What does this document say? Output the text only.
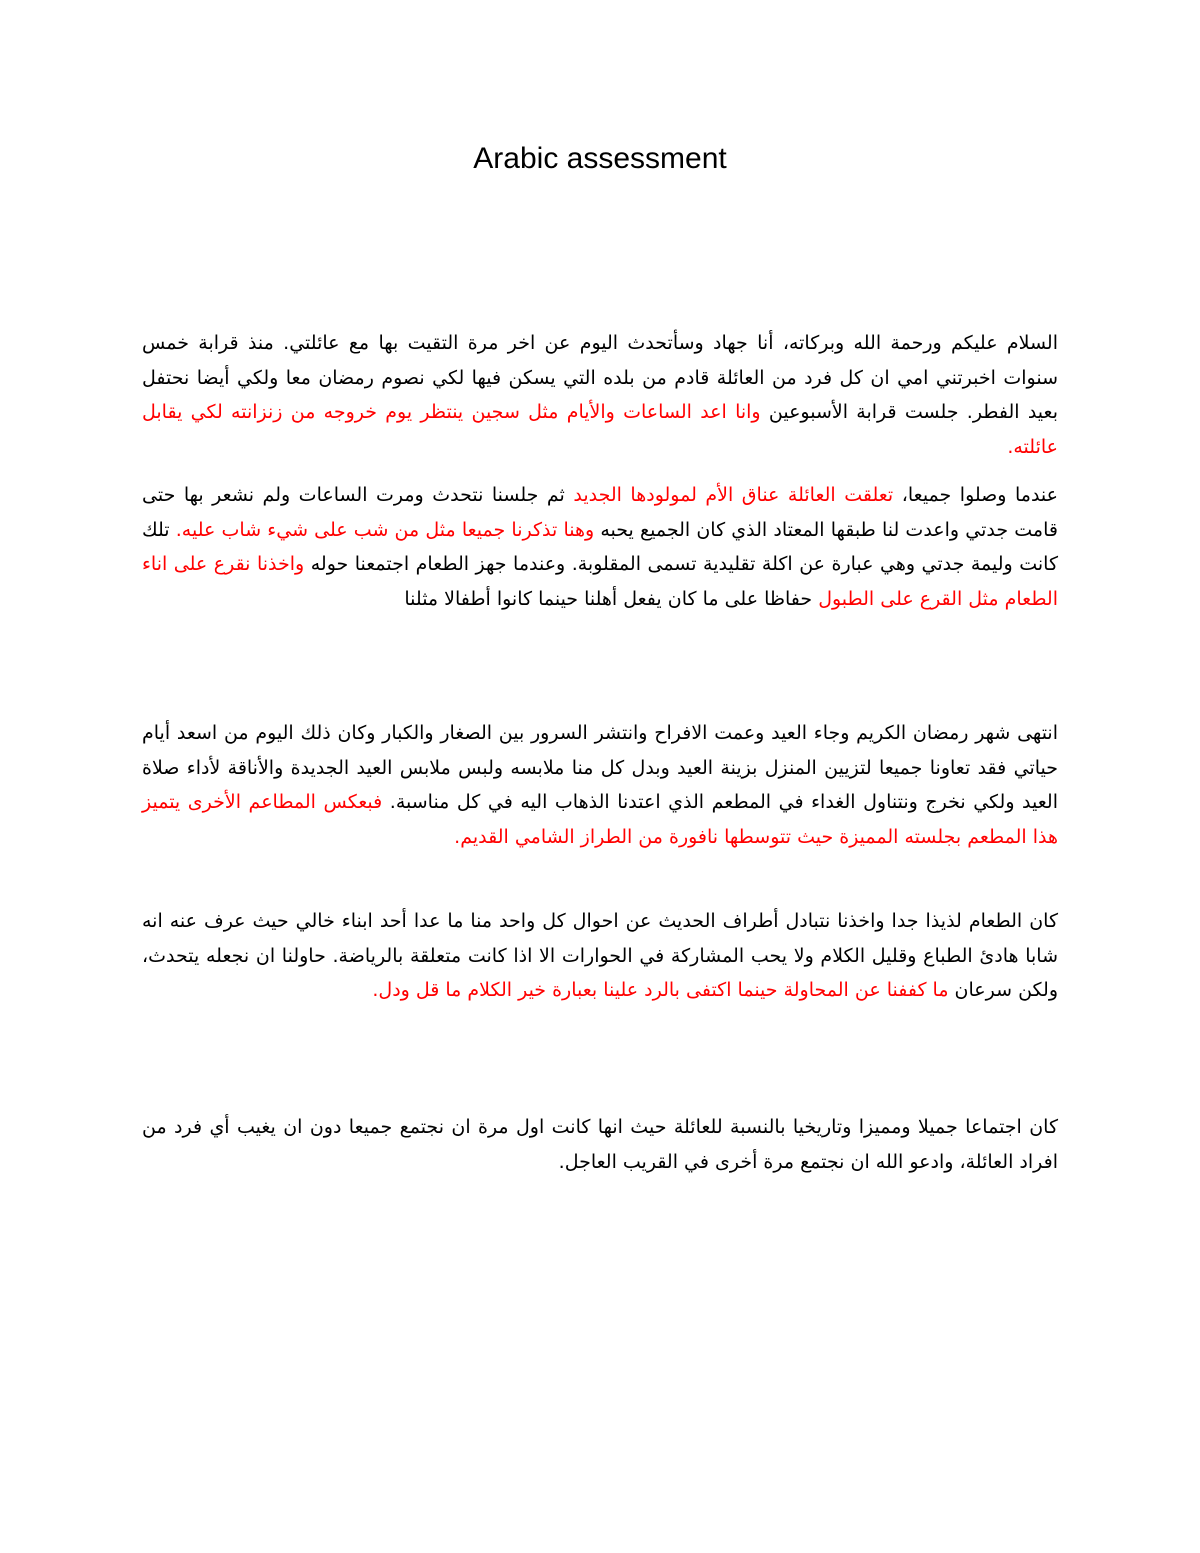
Arabic assessment

السلام عليكم ورحمة الله وبركاته، أنا جهاد وسأتحدث اليوم عن اخر مرة التقيت بها مع عائلتي. منذ قرابة خمس سنوات اخبرتني امي ان كل فرد من العائلة قادم من بلده التي يسكن فيها لكي نصوم رمضان معا ولكي أيضا نحتفل بعيد الفطر. جلست قرابة الأسبوعين وانا اعد الساعات والأيام مثل سجين ينتظر يوم خروجه من زنزانته لكي يقابل عائلته.

عندما وصلوا جميعا، تعلقت العائلة عناق الأم لمولودها الجديد ثم جلسنا نتحدث ومرت الساعات ولم نشعر بها حتى قامت جدتي واعدت لنا طبقها المعتاد الذي كان الجميع يحبه وهنا تذكرنا جميعا مثل من شب على شيء شاب عليه. تلك كانت وليمة جدتي وهي عبارة عن اكلة تقليدية تسمى المقلوبة. وعندما جهز الطعام اجتمعنا حوله واخذنا نقرع على اناء الطعام مثل القرع على الطبول حفاظا على ما كان يفعل أهلنا حينما كانوا أطفالا مثلنا

انتهى شهر رمضان الكريم وجاء العيد وعمت الافراح وانتشر السرور بين الصغار والكبار وكان ذلك اليوم من اسعد أيام حياتي فقد تعاونا جميعا لتزيين المنزل بزينة العيد وبدل كل منا ملابسه ولبس ملابس العيد الجديدة والأناقة لأداء صلاة العيد ولكي نخرج ونتناول الغداء في المطعم الذي اعتدنا الذهاب اليه في كل مناسبة. فبعكس المطاعم الأخرى يتميز هذا المطعم بجلسته المميزة حيث تتوسطها نافورة من الطراز الشامي القديم.

كان الطعام لذيذا جدا واخذنا نتبادل أطراف الحديث عن احوال كل واحد منا ما عدا أحد ابناء خالي حيث عرف عنه انه شابا هادئ الطباع وقليل الكلام ولا يحب المشاركة في الحوارات الا اذا كانت متعلقة بالرياضة. حاولنا ان نجعله يتحدث، ولكن سرعان ما كففنا عن المحاولة حينما اكتفى بالرد علينا بعبارة خير الكلام ما قل ودل.

كان اجتماعا جميلا ومميزا وتاريخيا بالنسبة للعائلة حيث انها كانت اول مرة ان نجتمع جميعا دون ان يغيب أي فرد من افراد العائلة، وادعو الله ان نجتمع مرة أخرى في القريب العاجل.
